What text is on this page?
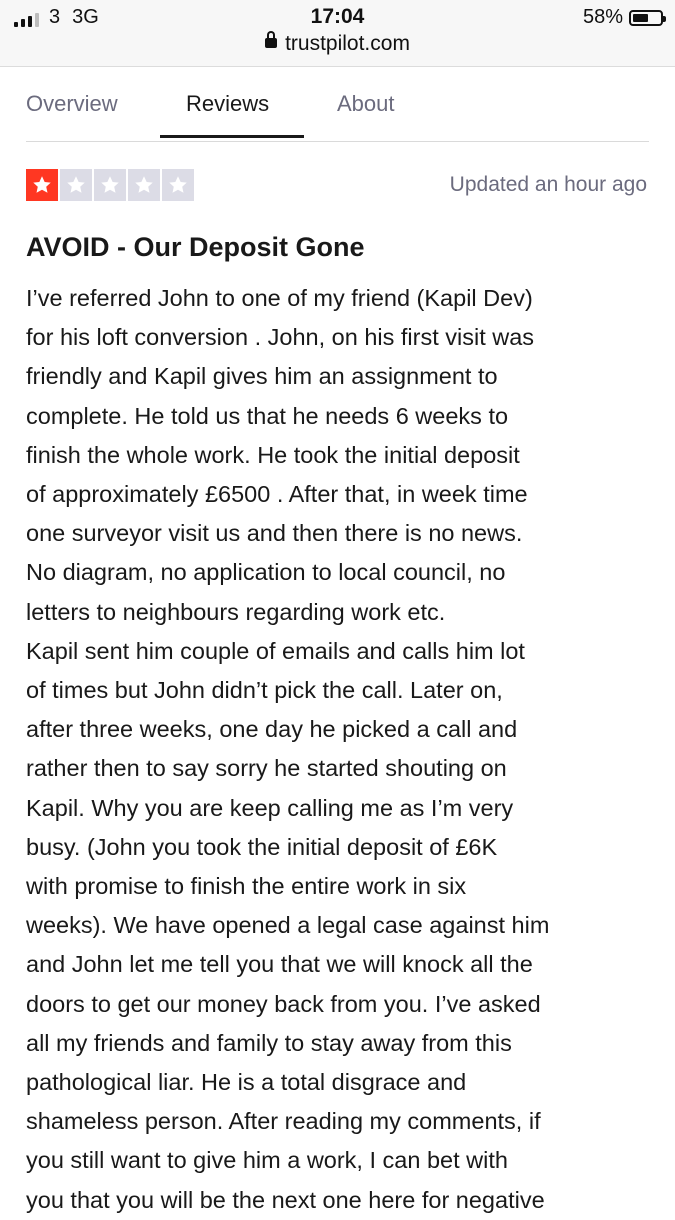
3 3G	17:04	58%
trustpilot.com
Overview	Reviews	About
Updated an hour ago
AVOID - Our Deposit Gone

I’ve referred John to one of my friend (Kapil Dev)

for his loft conversion . John, on his first visit was

friendly and Kapil gives him an assignment to

complete. He told us that he needs 6 weeks to

finish the whole work. He took the initial deposit

of approximately £6500 . After that, in week time

one surveyor visit us and then there is no news.

No diagram, no application to local council, no

letters to neighbours regarding work etc.

Kapil sent him couple of emails and calls him lot

of times but John didn’t pick the call. Later on,

after three weeks, one day he picked a call and

rather then to say sorry he started shouting on

Kapil. Why you are keep calling me as I’m very

busy. (John you took the initial deposit of £6K

with promise to finish the entire work in six

weeks). We have opened a legal case against him

and John let me tell you that we will knock all the

doors to get our money back from you. I’ve asked

all my friends and family to stay away from this

pathological liar. He is a total disgrace and

shameless person. After reading my comments, if

you still want to give him a work, I can bet with

you that you will be the next one here for negative
